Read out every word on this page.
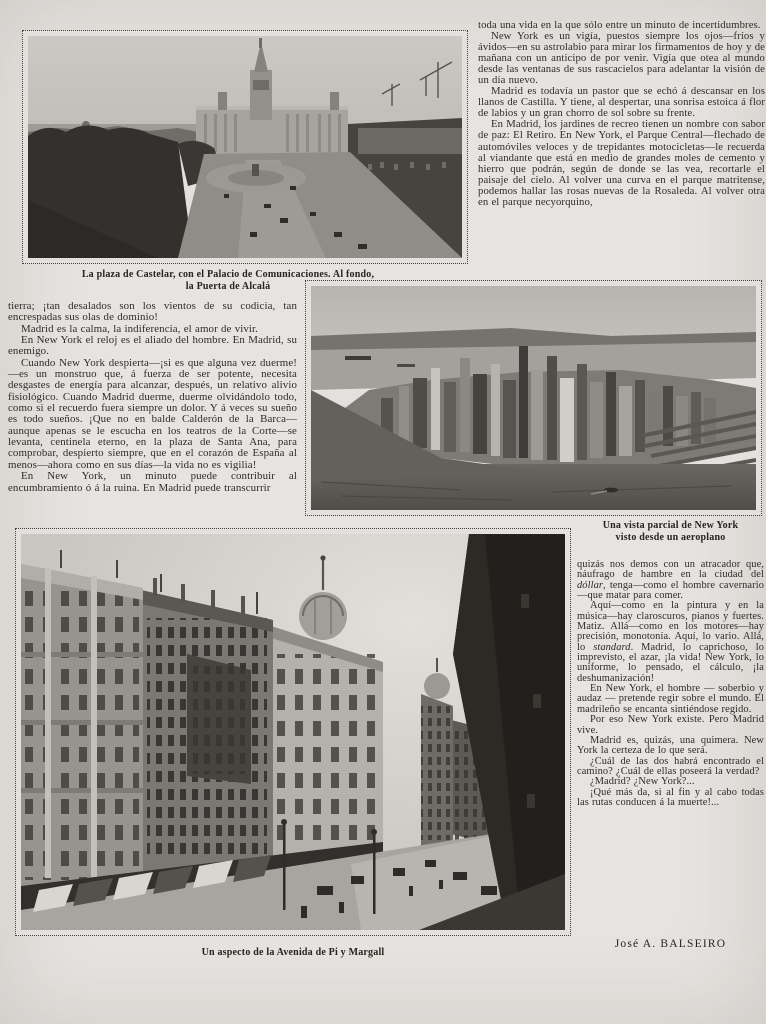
La plaza de Castelar, con el Palacio de Comunicaciones. Al fondo,
la Puerta de Alcalá

toda una vida en la que sólo entre un minuto de incertidumbres.

New York es un vigía, puestos siempre los ojos—fríos y ávidos—en su astrolabio para mirar los firmamentos de hoy y de mañana con un anticipo de por venir. Vigía que otea al mundo desde las ventanas de sus rascacielos para adelantar la visión de un día nuevo.

Madrid es todavía un pastor que se echó á descansar en los llanos de Castilla. Y tiene, al despertar, una sonrisa estoica á flor de labios y un gran chorro de sol sobre su frente.

En Madrid, los jardines de recreo tienen un nombre con sabor de paz: El Retiro. En New York, el Parque Central—flechado de automóviles veloces y de trepidantes motocicletas—le recuerda al viandante que está en medio de grandes moles de cemento y hierro que podrán, según de donde se las vea, recortarle el paisaje del cielo. Al volver una curva en el parque matritense, podemos hallar las rosas nuevas de la Rosaleda. Al volver otra en el parque necyorquino,

tierra; ¡tan desalados son los vientos de su codicia, tan encrespadas sus olas de dominio!

Madrid es la calma, la indiferencia, el amor de vivir.

En New York el reloj es el aliado del hombre. En Madrid, su enemigo.

Cuando New York despierta—¡si es que alguna vez duerme!—es un monstruo que, á fuerza de ser potente, necesita desgastes de energía para alcanzar, después, un relativo alivio fisiológico. Cuando Madrid duerme, duerme olvidándolo todo, como si el recuerdo fuera siempre un dolor. Y á veces su sueño es todo sueños. ¡Que no en balde Calderón de la Barca—aunque apenas se le escucha en los teatros de la Corte—se levanta, centinela eterno, en la plaza de Santa Ana, para comprobar, despierto siempre, que en el corazón de España al menos—ahora como en sus días—la vida no es vigilia!

En New York, un minuto puede contribuir al encumbramiento ó á la ruina. En Madrid puede transcurrir

Una vista parcial de New York
visto desde un aeroplano
Un aspecto de la Avenida de Pi y Margall

quizás nos demos con un atracador que, náufrago de hambre en la ciudad del dóllar, tenga—como el hombre cavernario—que matar para comer.

Aquí—como en la pintura y en la música—hay claroscuros, pianos y fuertes. Matiz. Allá—como en los motores—hay precisión, monotonía. Aquí, lo vario. Allá, lo standard. Madrid, lo caprichoso, lo imprevisto, el azar, ¡la vida! New York, lo uniforme, lo pensado, el cálculo, ¡la deshumanización!

En New York, el hombre — soberbio y audaz — pretende regir sobre el mundo. El madrileño se encanta sintiéndose regido.

Por eso New York existe. Pero Madrid vive.

Madrid es, quizás, una quimera. New York la certeza de lo que será.

¿Cuál de las dos habrá encontrado el camino? ¿Cuál de ellas poseerá la verdad?

¿Madrid? ¿New York?...

¡Qué más da, si al fin y al cabo todas las rutas conducen á la muerte!...

José A. BALSEIRO
